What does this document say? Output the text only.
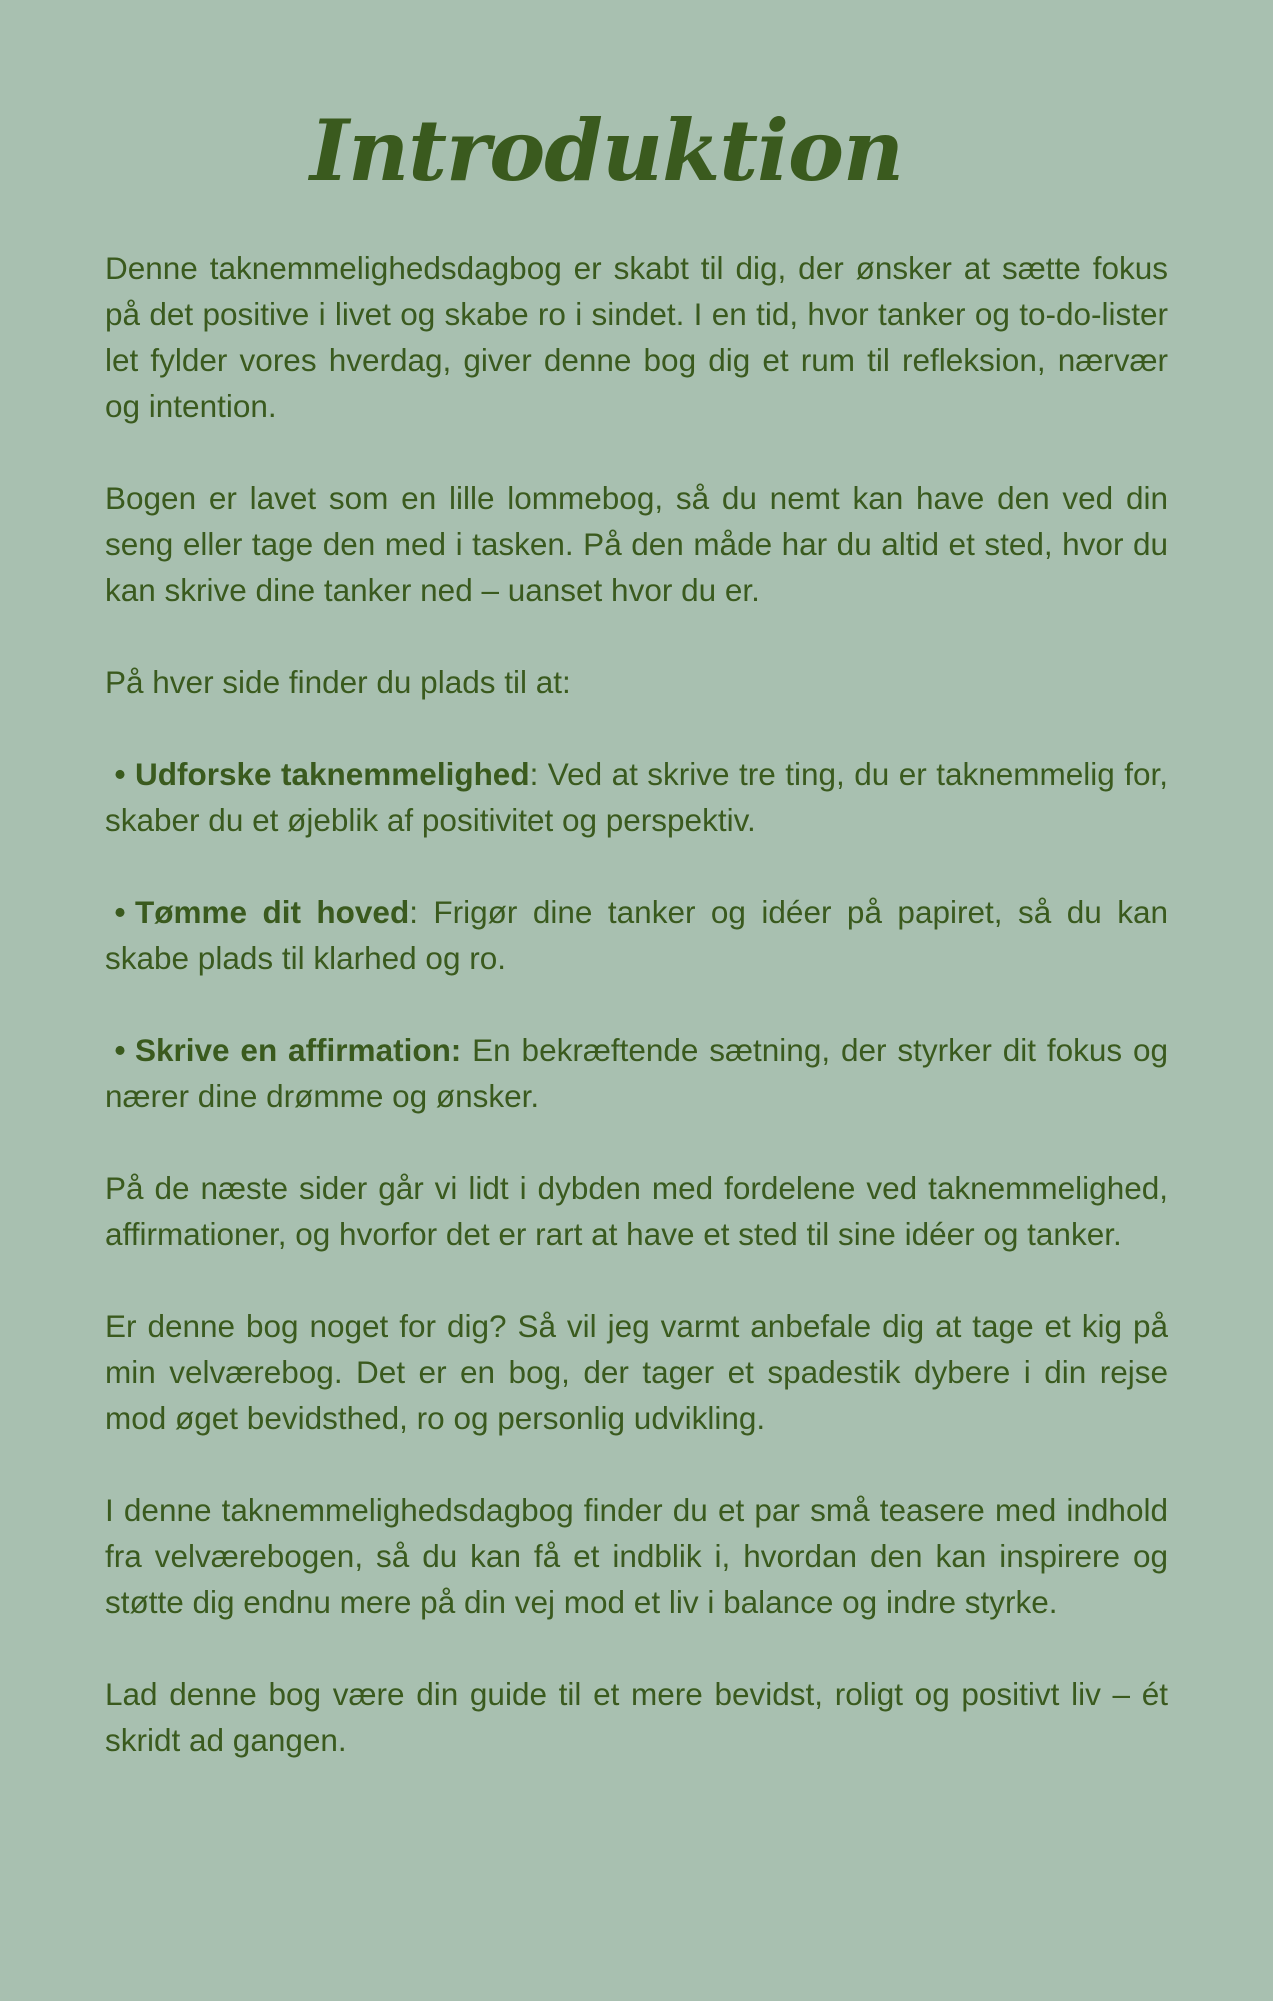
Introduktion

Denne taknemmelighedsdagbog er skabt til dig, der ønsker at sætte fokus på det positive i livet og skabe ro i sindet. I en tid, hvor tanker og to-do-lister let fylder vores hverdag, giver denne bog dig et rum til refleksion, nærvær og intention.

Bogen er lavet som en lille lommebog, så du nemt kan have den ved din seng eller tage den med i tasken. På den måde har du altid et sted, hvor du kan skrive dine tanker ned – uanset hvor du er.

På hver side finder du plads til at:

• Udforske taknemmelighed: Ved at skrive tre ting, du er taknemmelig for, skaber du et øjeblik af positivitet og perspektiv.
• Tømme dit hoved: Frigør dine tanker og idéer på papiret, så du kan skabe plads til klarhed og ro.
• Skrive en affirmation: En bekræftende sætning, der styrker dit fokus og nærer dine drømme og ønsker.

På de næste sider går vi lidt i dybden med fordelene ved taknemmelighed, affirmationer, og hvorfor det er rart at have et sted til sine idéer og tanker.

Er denne bog noget for dig? Så vil jeg varmt anbefale dig at tage et kig på min velværebog. Det er en bog, der tager et spadestik dybere i din rejse mod øget bevidsthed, ro og personlig udvikling.

I denne taknemmelighedsdagbog finder du et par små teasere med indhold fra velværebogen, så du kan få et indblik i, hvordan den kan inspirere og støtte dig endnu mere på din vej mod et liv i balance og indre styrke.

Lad denne bog være din guide til et mere bevidst, roligt og positivt liv – ét skridt ad gangen.
